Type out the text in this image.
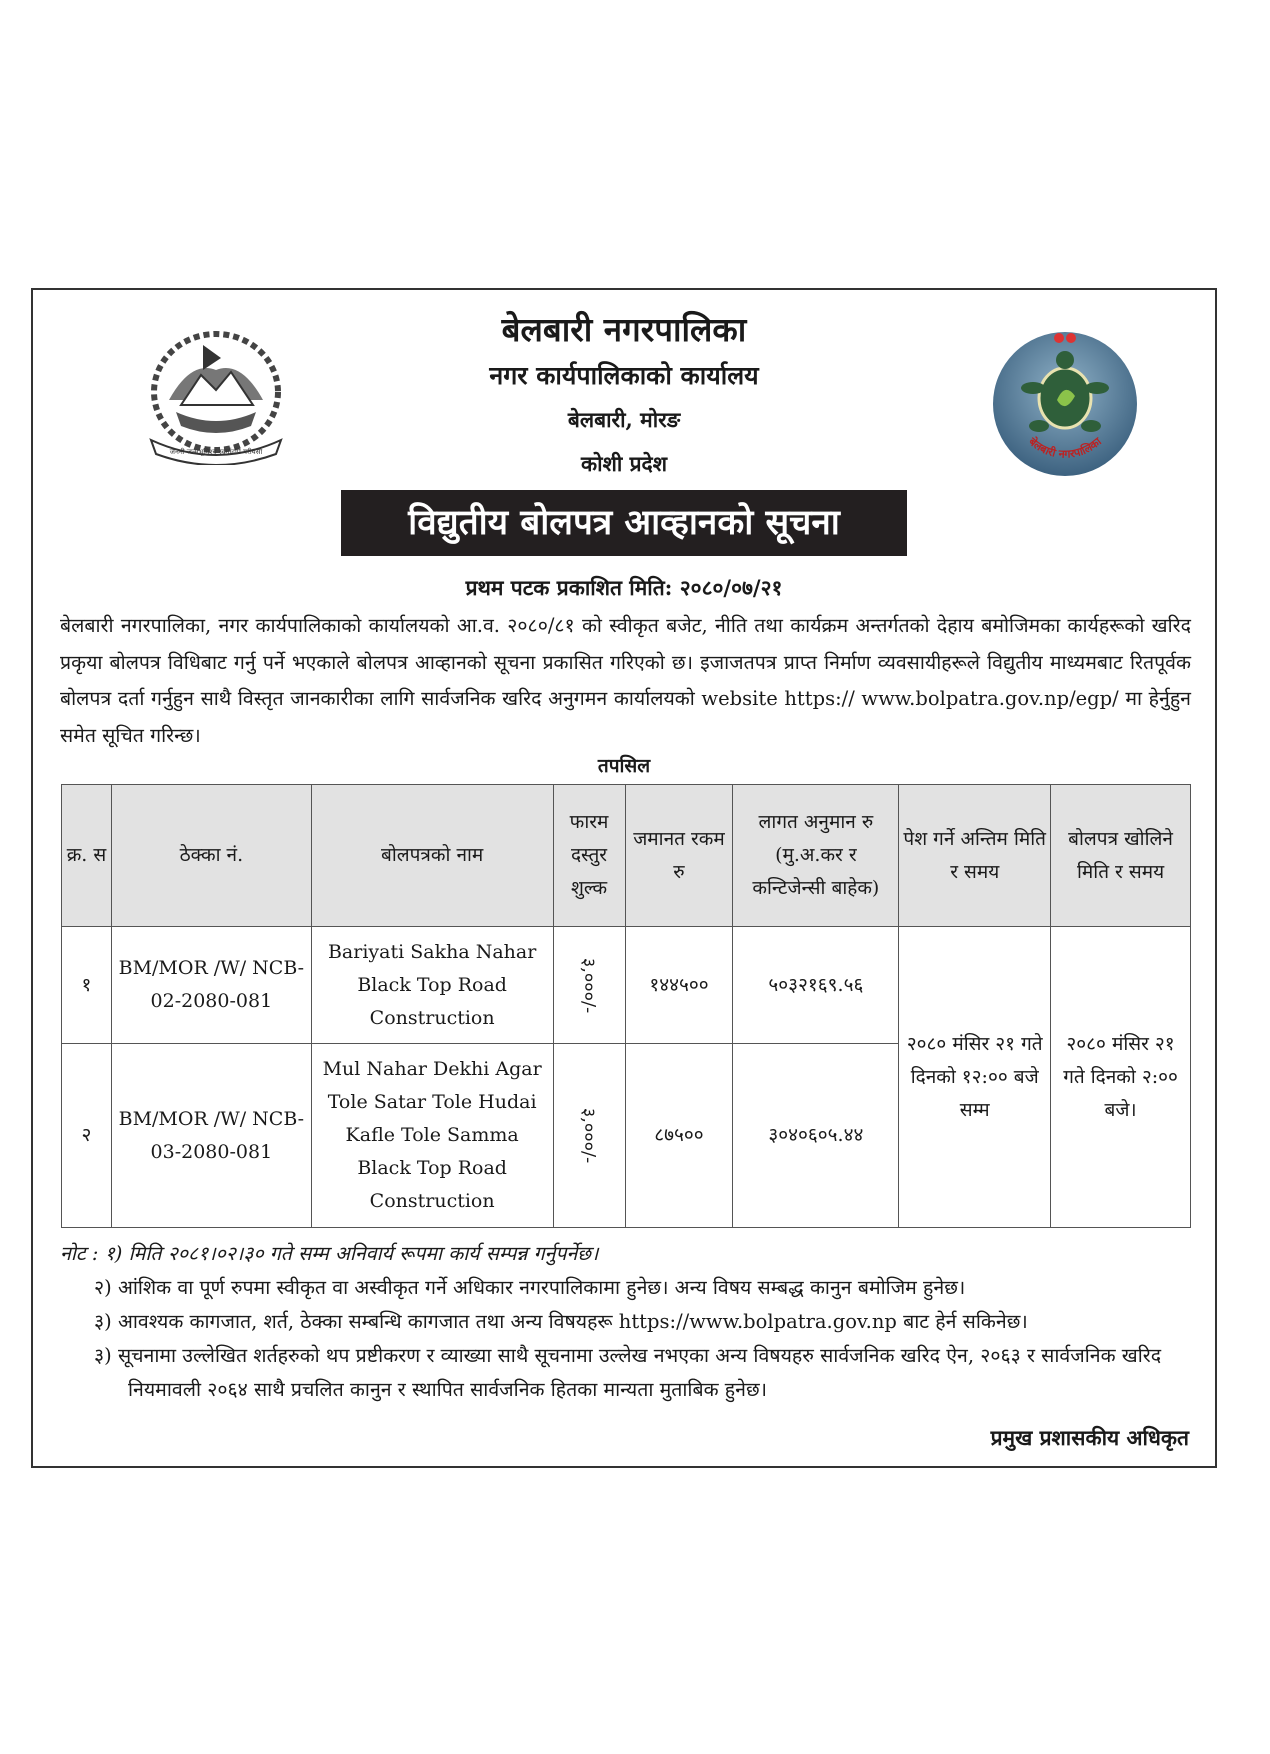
जननी जन्मभूमिश्च स्वर्गादपि गरीयसी
बेलबारी नगरपालिका
नगर कार्यपालिकाको कार्यालय
बेलबारी, मोरङ
कोशी प्रदेश
बेलबारी नगरपालिका
विद्युतीय बोलपत्र आव्हानको सूचना
प्रथम पटक प्रकाशित मिति: २०८०/०७/२१
बेलबारी नगरपालिका, नगर कार्यपालिकाको कार्यालयको आ.व. २०८०/८१ को स्वीकृत बजेट, नीति तथा कार्यक्रम अन्तर्गतको देहाय बमोजिमका कार्यहरूको खरिद प्रकृया बोलपत्र विधिबाट गर्नु पर्ने भएकाले बोलपत्र आव्हानको सूचना प्रकासित गरिएको छ। इजाजतपत्र प्राप्त निर्माण व्यवसायीहरूले विद्युतीय माध्यमबाट रितपूर्वक बोलपत्र दर्ता गर्नुहुन साथै विस्तृत जानकारीका लागि सार्वजनिक खरिद अनुगमन कार्यालयको website https:// www.bolpatra.gov.np/egp/ मा हेर्नुहुन समेत सूचित गरिन्छ।
तपसिल
क्र. स	ठेक्का नं.	बोलपत्रको नाम	फारम दस्तुर शुल्क	जमानत रकम रु	लागत अनुमान रु (मु.अ.कर र कन्टिजेन्सी बाहेक)	पेश गर्ने अन्तिम मिति र समय	बोलपत्र खोलिने मिति र समय
१	BM/MOR /W/ NCB-02-2080-081	Bariyati Sakha Nahar Black Top Road Construction	३,०००/-	१४४५००	५०३२१६९.५६	२०८० मंसिर २१ गते दिनको १२:०० बजे सम्म	२०८० मंसिर २१ गते दिनको २:०० बजे।
२	BM/MOR /W/ NCB-03-2080-081	Mul Nahar Dekhi Agar Tole Satar Tole Hudai Kafle Tole Samma Black Top Road Construction	३,०००/-	८७५००	३०४०६०५.४४		
नोट : १) मिति २०८१।०२।३० गते सम्म अनिवार्य रूपमा कार्य सम्पन्न गर्नुपर्नेछ।
२) आंशिक वा पूर्ण रुपमा स्वीकृत वा अस्वीकृत गर्ने अधिकार नगरपालिकामा हुनेछ। अन्य विषय सम्बद्ध कानुन बमोजिम हुनेछ।
३) आवश्यक कागजात, शर्त, ठेक्का सम्बन्धि कागजात तथा अन्य विषयहरू https://www.bolpatra.gov.np बाट हेर्न सकिनेछ।
३) सूचनामा उल्लेखित शर्तहरुको थप प्रष्टीकरण र व्याख्या साथै सूचनामा उल्लेख नभएका अन्य विषयहरु सार्वजनिक खरिद ऐन, २०६३ र सार्वजनिक खरिद नियमावली २०६४ साथै प्रचलित कानुन र स्थापित सार्वजनिक हितका मान्यता मुताबिक हुनेछ।
प्रमुख प्रशासकीय अधिकृत
